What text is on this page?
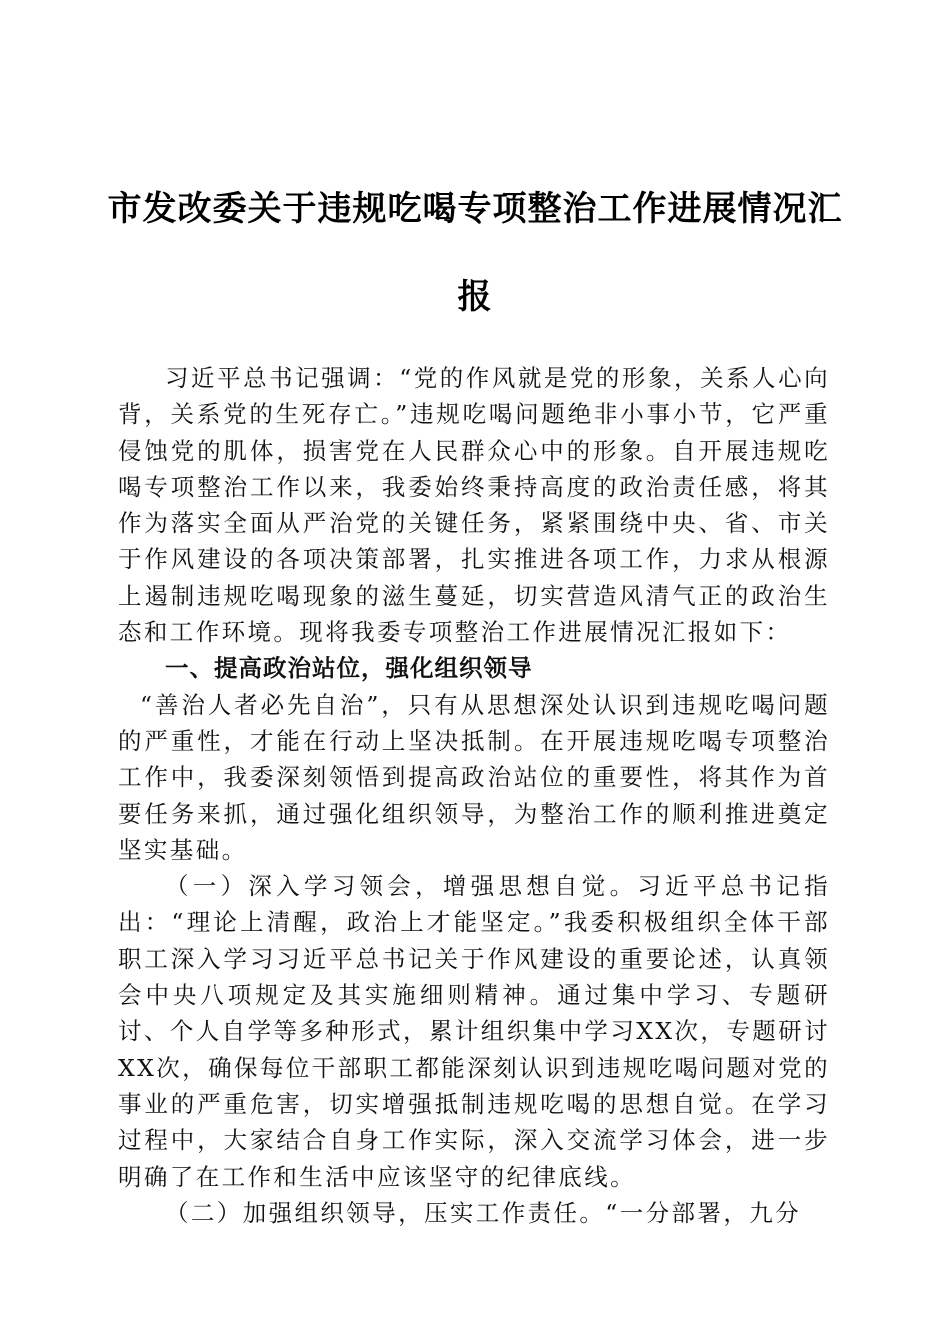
市发改委关于违规吃喝专项整治工作进展情况汇报

习近平总书记强调：“党的作风就是党的形象，关系人心向背，关系党的生死存亡。”违规吃喝问题绝非小事小节，它严重侵蚀党的肌体，损害党在人民群众心中的形象。自开展违规吃喝专项整治工作以来，我委始终秉持高度的政治责任感，将其作为落实全面从严治党的关键任务，紧紧围绕中央、省、市关于作风建设的各项决策部署，扎实推进各项工作，力求从根源上遏制违规吃喝现象的滋生蔓延，切实营造风清气正的政治生态和工作环境。现将我委专项整治工作进展情况汇报如下：

一、提高政治站位，强化组织领导

“善治人者必先自治”，只有从思想深处认识到违规吃喝问题的严重性，才能在行动上坚决抵制。在开展违规吃喝专项整治工作中，我委深刻领悟到提高政治站位的重要性，将其作为首要任务来抓，通过强化组织领导，为整治工作的顺利推进奠定坚实基础。

（一）深入学习领会，增强思想自觉。习近平总书记指出：“理论上清醒，政治上才能坚定。”我委积极组织全体干部职工深入学习习近平总书记关于作风建设的重要论述，认真领会中央八项规定及其实施细则精神。通过集中学习、专题研讨、个人自学等多种形式，累计组织集中学习XX次，专题研讨XX次，确保每位干部职工都能深刻认识到违规吃喝问题对党的事业的严重危害，切实增强抵制违规吃喝的思想自觉。在学习过程中，大家结合自身工作实际，深入交流学习体会，进一步明确了在工作和生活中应该坚守的纪律底线。

（二）加强组织领导，压实工作责任。“一分部署，九分
